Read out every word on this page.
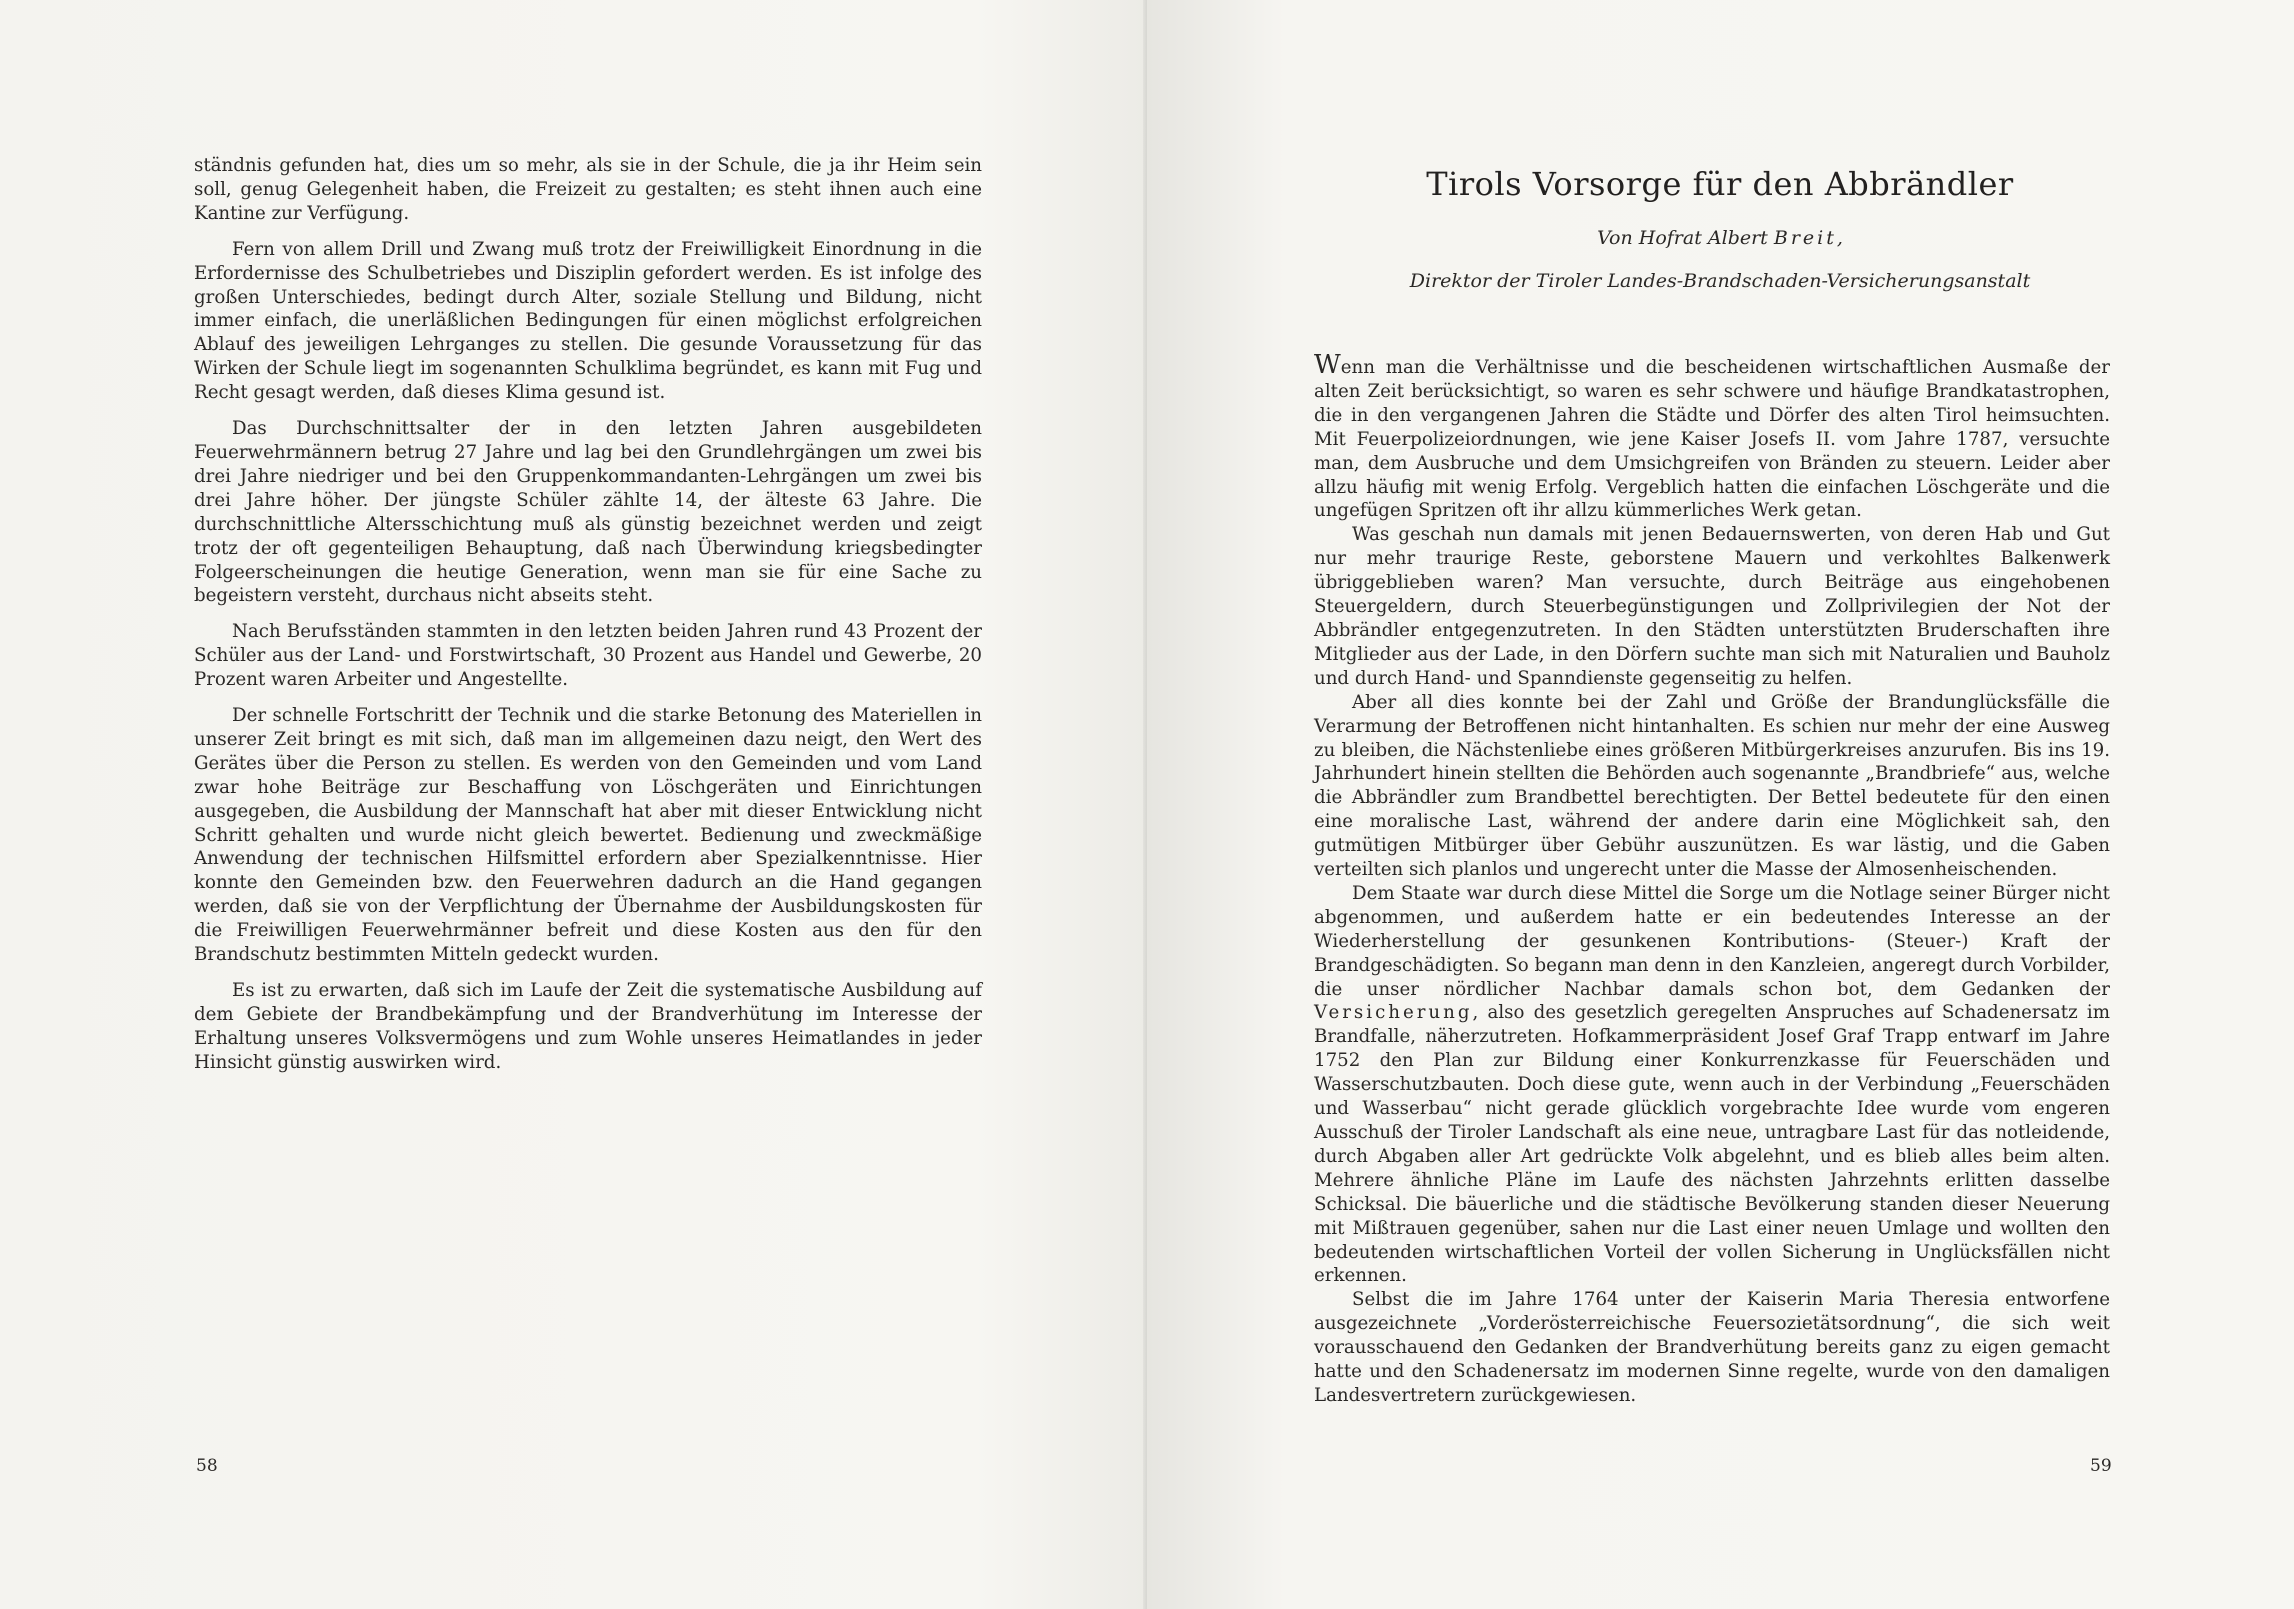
ständnis gefunden hat, dies um so mehr, als sie in der Schule, die ja ihr Heim sein soll, genug Gelegenheit haben, die Freizeit zu gestalten; es steht ihnen auch eine Kantine zur Verfügung.

Fern von allem Drill und Zwang muß trotz der Freiwilligkeit Einordnung in die Erfordernisse des Schulbetriebes und Disziplin gefordert werden. Es ist infolge des großen Unterschiedes, bedingt durch Alter, soziale Stellung und Bildung, nicht immer einfach, die unerläßlichen Bedingungen für einen möglichst erfolgreichen Ablauf des jeweiligen Lehrganges zu stellen. Die gesunde Voraussetzung für das Wirken der Schule liegt im sogenannten Schulklima begründet, es kann mit Fug und Recht gesagt werden, daß dieses Klima gesund ist.

Das Durchschnittsalter der in den letzten Jahren ausgebildeten Feuerwehrmännern betrug 27 Jahre und lag bei den Grundlehrgängen um zwei bis drei Jahre niedriger und bei den Gruppenkommandanten-Lehrgängen um zwei bis drei Jahre höher. Der jüngste Schüler zählte 14, der älteste 63 Jahre. Die durchschnittliche Altersschichtung muß als günstig bezeichnet werden und zeigt trotz der oft gegenteiligen Behauptung, daß nach Überwindung kriegsbedingter Folgeerscheinungen die heutige Generation, wenn man sie für eine Sache zu begeistern versteht, durchaus nicht abseits steht.

Nach Berufsständen stammten in den letzten beiden Jahren rund 43 Prozent der Schüler aus der Land- und Forstwirtschaft, 30 Prozent aus Handel und Gewerbe, 20 Prozent waren Arbeiter und Angestellte.

Der schnelle Fortschritt der Technik und die starke Betonung des Materiellen in unserer Zeit bringt es mit sich, daß man im allgemeinen dazu neigt, den Wert des Gerätes über die Person zu stellen. Es werden von den Gemeinden und vom Land zwar hohe Beiträge zur Beschaffung von Löschgeräten und Einrichtungen ausgegeben, die Ausbildung der Mannschaft hat aber mit dieser Entwicklung nicht Schritt gehalten und wurde nicht gleich bewertet. Bedienung und zweckmäßige Anwendung der technischen Hilfsmittel erfordern aber Spezialkenntnisse. Hier konnte den Gemeinden bzw. den Feuerwehren dadurch an die Hand gegangen werden, daß sie von der Verpflichtung der Übernahme der Ausbildungskosten für die Freiwilligen Feuerwehrmänner befreit und diese Kosten aus den für den Brandschutz bestimmten Mitteln gedeckt wurden.

Es ist zu erwarten, daß sich im Laufe der Zeit die systematische Ausbildung auf dem Gebiete der Brandbekämpfung und der Brandverhütung im Interesse der Erhaltung unseres Volksvermögens und zum Wohle unseres Heimatlandes in jeder Hinsicht günstig auswirken wird.

58
Tirols Vorsorge für den Abbrändler
Von Hofrat Albert Breit,
Direktor der Tiroler Landes-Brandschaden-Versicherungsanstalt

Wenn man die Verhältnisse und die bescheidenen wirtschaftlichen Ausmaße der alten Zeit berücksichtigt, so waren es sehr schwere und häufige Brandkatastrophen, die in den vergangenen Jahren die Städte und Dörfer des alten Tirol heimsuchten. Mit Feuerpolizeiordnungen, wie jene Kaiser Josefs II. vom Jahre 1787, versuchte man, dem Ausbruche und dem Umsichgreifen von Bränden zu steuern. Leider aber allzu häufig mit wenig Erfolg. Vergeblich hatten die einfachen Löschgeräte und die ungefügen Spritzen oft ihr allzu kümmerliches Werk getan.

Was geschah nun damals mit jenen Bedauernswerten, von deren Hab und Gut nur mehr traurige Reste, geborstene Mauern und verkohltes Balkenwerk übriggeblieben waren? Man versuchte, durch Beiträge aus eingehobenen Steuergeldern, durch Steuerbegünstigungen und Zollprivilegien der Not der Abbrändler entgegenzutreten. In den Städten unterstützten Bruderschaften ihre Mitglieder aus der Lade, in den Dörfern suchte man sich mit Naturalien und Bauholz und durch Hand- und Spanndienste gegenseitig zu helfen.

Aber all dies konnte bei der Zahl und Größe der Brandunglücksfälle die Verarmung der Betroffenen nicht hintanhalten. Es schien nur mehr der eine Ausweg zu bleiben, die Nächstenliebe eines größeren Mitbürgerkreises anzurufen. Bis ins 19. Jahrhundert hinein stellten die Behörden auch sogenannte „Brandbriefe“ aus, welche die Abbrändler zum Brandbettel berechtigten. Der Bettel bedeutete für den einen eine moralische Last, während der andere darin eine Möglichkeit sah, den gutmütigen Mitbürger über Gebühr auszunützen. Es war lästig, und die Gaben verteilten sich planlos und ungerecht unter die Masse der Almosenheischenden.

Dem Staate war durch diese Mittel die Sorge um die Notlage seiner Bürger nicht abgenommen, und außerdem hatte er ein bedeutendes Interesse an der Wiederherstellung der gesunkenen Kontributions- (Steuer-) Kraft der Brandgeschädigten. So begann man denn in den Kanzleien, angeregt durch Vorbilder, die unser nördlicher Nachbar damals schon bot, dem Gedanken der Versicherung, also des gesetzlich geregelten Anspruches auf Schadenersatz im Brandfalle, näherzutreten. Hofkammerpräsident Josef Graf Trapp entwarf im Jahre 1752 den Plan zur Bildung einer Konkurrenzkasse für Feuerschäden und Wasserschutzbauten. Doch diese gute, wenn auch in der Verbindung „Feuerschäden und Wasserbau“ nicht gerade glücklich vorgebrachte Idee wurde vom engeren Ausschuß der Tiroler Landschaft als eine neue, untragbare Last für das notleidende, durch Abgaben aller Art gedrückte Volk abgelehnt, und es blieb alles beim alten. Mehrere ähnliche Pläne im Laufe des nächsten Jahrzehnts erlitten dasselbe Schicksal. Die bäuerliche und die städtische Bevölkerung standen dieser Neuerung mit Mißtrauen gegenüber, sahen nur die Last einer neuen Umlage und wollten den bedeutenden wirtschaftlichen Vorteil der vollen Sicherung in Unglücksfällen nicht erkennen.

Selbst die im Jahre 1764 unter der Kaiserin Maria Theresia entworfene ausgezeichnete „Vorderösterreichische Feuersozietätsordnung“, die sich weit vorausschauend den Gedanken der Brandverhütung bereits ganz zu eigen gemacht hatte und den Schadenersatz im modernen Sinne regelte, wurde von den damaligen Landesvertretern zurückgewiesen.

59
